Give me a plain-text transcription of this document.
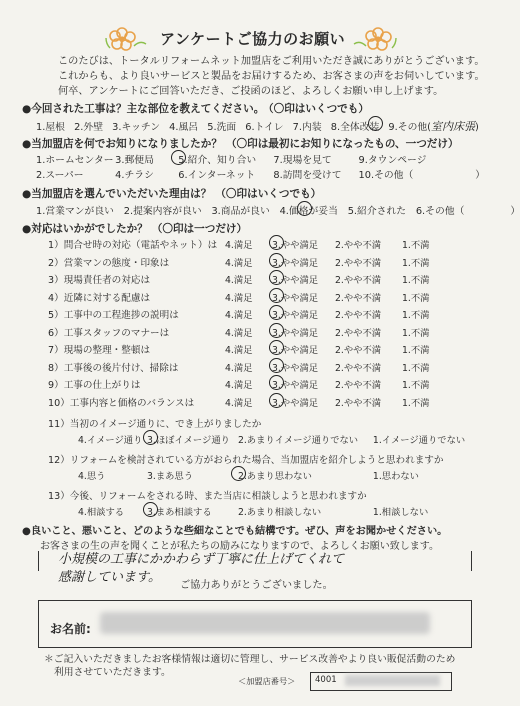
アンケートご協力のお願い
このたびは、トータルリフォームネット加盟店をご利用いただき誠にありがとうございます。
これからも、より良いサービスと製品をお届けするため、お客さまの声をお伺いしています。
何卒、アンケートにご回答いただき、ご投函のほど、よろしくお願い申し上げます。
●今回された工事は？主な部位を教えてください。 （〇印はいくつでも）
1.屋根 2.外壁 3.キッチン 4.風呂 5.洗面 6.トイレ 7.内装 8.全体改装 9.その他(室内床張)
●当加盟店を何でお知りになりましたか？ （〇印は最初にお知りになったもの、一つだけ）
1.ホームセンター 3.郵便局 5.紹介、知り合い 7.現場を見て	9.タウンページ
2.スーパー	4.チラシ 6.インターネット 8.訪問を受けて 10.その他（	）
●当加盟店を選んでいただいた理由は？ （〇印はいくつでも）
1.営業マンが良い　2.提案内容が良い　3.商品が良い　4.価格が妥当　5.紹介された　6.その他（	）
●対応はいかがでしたか？ （〇印は一つだけ）
1）問合せ時の対応（電話やネット）は 4.満足 3.やや満足 2.やや不満 1.不満
2）営業マンの態度・印象は	4.満足 3.やや満足 2.やや不満 1.不満
3）現場責任者の対応は	4.満足 3.やや満足 2.やや不満 1.不満
4）近隣に対する配慮は	4.満足 3.やや満足 2.やや不満 1.不満
5）工事中の工程進捗の説明は	4.満足 3.やや満足 2.やや不満 1.不満
6）工事スタッフのマナーは	4.満足 3.やや満足 2.やや不満 1.不満
7）現場の整理・整頓は	4.満足 3.やや満足 2.やや不満 1.不満
8）工事後の後片付け、掃除は	4.満足 3.やや満足 2.やや不満 1.不満
9）工事の仕上がりは	4.満足 3.やや満足 2.やや不満 1.不満
10）工事内容と価格のバランスは	4.満足 3.やや満足 2.やや不満 1.不満
11）当初のイメージ通りに、でき上がりましたか
4.イメージ通り 3.ほぼイメージ通り 2.あまりイメージ通りでない 1.イメージ通りでない
12）リフォームを検討されている方がおられた場合、当加盟店を紹介しようと思われますか
4.思う	3.まあ思う	2.あまり思わない	1.思わない
13）今後、リフォームをされる時、また当店に相談しようと思われますか
4.相談する 3.まあ相談する	2.あまり相談しない	1.相談しない
●良いこと、悪いこと、どのような些細なことでも結構です。ぜひ、声をお聞かせください。
お客さまの生の声を聞くことが私たちの励みになりますので、よろしくお願い致します。
小規模の工事にかかわらず丁寧に仕上げてくれて
感謝しています。
ご協力ありがとうございました。
お名前:
＊ご記入いただきましたお客様情報は適切に管理し、サービス改善やより良い販促活動のため
利用させていただきます。
＜加盟店番号＞ 4001
